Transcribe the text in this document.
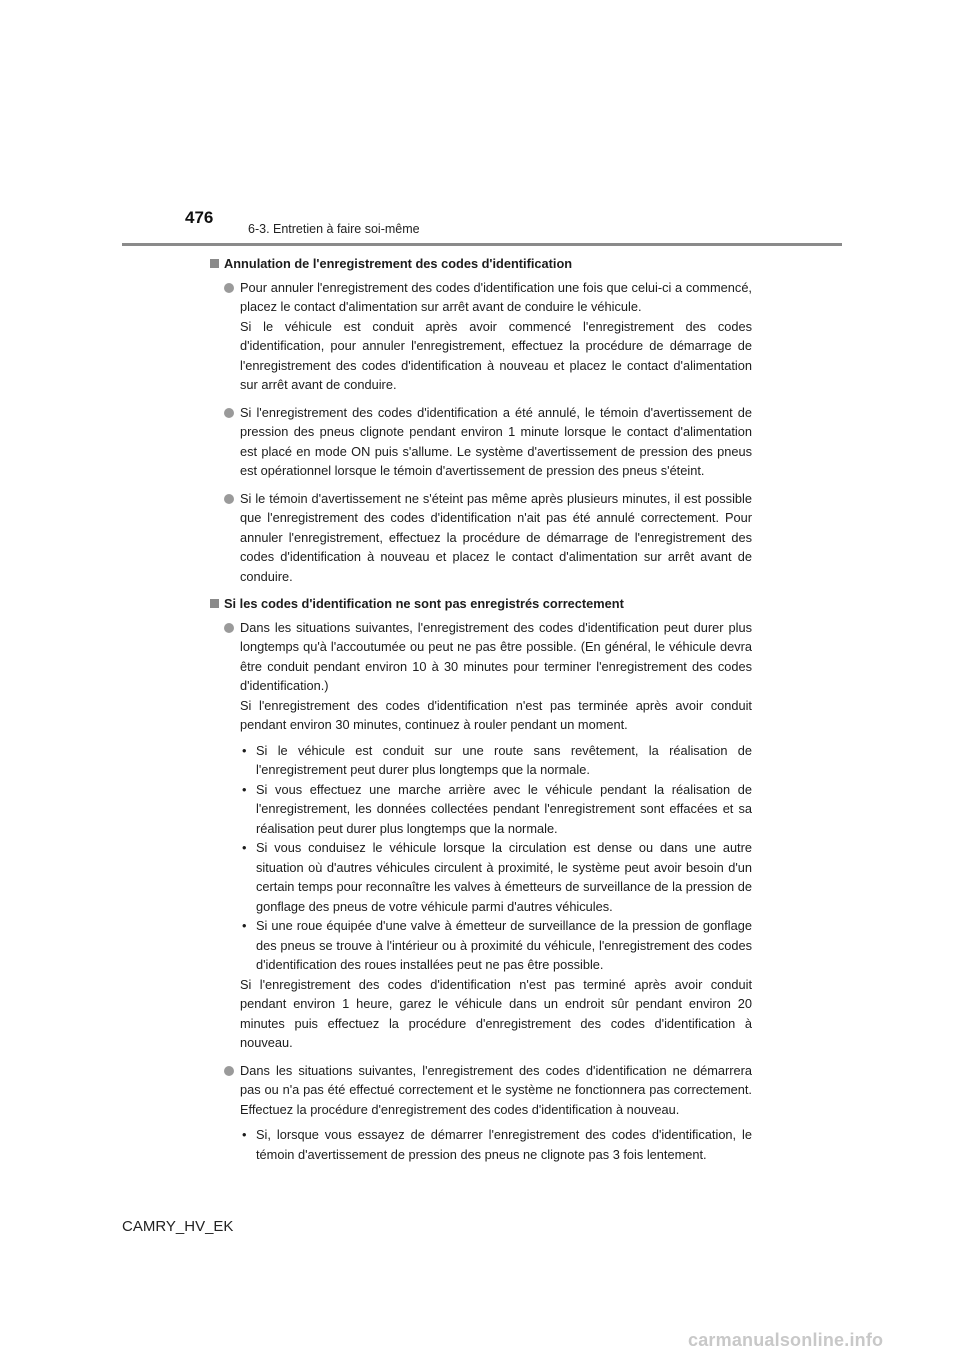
476
6-3. Entretien à faire soi-même
Annulation de l'enregistrement des codes d'identification

Pour annuler l'enregistrement des codes d'identification une fois que celui-ci a commencé, placez le contact d'alimentation sur arrêt avant de conduire le véhicule.

Si le véhicule est conduit après avoir commencé l'enregistrement des codes d'identification, pour annuler l'enregistrement, effectuez la procédure de démarrage de l'enregistrement des codes d'identification à nouveau et placez le contact d'alimentation sur arrêt avant de conduire.

Si l'enregistrement des codes d'identification a été annulé, le témoin d'avertissement de pression des pneus clignote pendant environ 1 minute lorsque le contact d'alimentation est placé en mode ON puis s'allume. Le système d'avertissement de pression des pneus est opérationnel lorsque le témoin d'avertissement de pression des pneus s'éteint.

Si le témoin d'avertissement ne s'éteint pas même après plusieurs minutes, il est possible que l'enregistrement des codes d'identification n'ait pas été annulé correctement. Pour annuler l'enregistrement, effectuez la procédure de démarrage de l'enregistrement des codes d'identification à nouveau et placez le contact d'alimentation sur arrêt avant de conduire.

Si les codes d'identification ne sont pas enregistrés correctement

Dans les situations suivantes, l'enregistrement des codes d'identification peut durer plus longtemps qu'à l'accoutumée ou peut ne pas être possible. (En général, le véhicule devra être conduit pendant environ 10 à 30 minutes pour terminer l'enregistrement des codes d'identification.)

Si l'enregistrement des codes d'identification n'est pas terminée après avoir conduit pendant environ 30 minutes, continuez à rouler pendant un moment.

• Si le véhicule est conduit sur une route sans revêtement, la réalisation de l'enregistrement peut durer plus longtemps que la normale.
• Si vous effectuez une marche arrière avec le véhicule pendant la réalisation de l'enregistrement, les données collectées pendant l'enregistrement sont effacées et sa réalisation peut durer plus longtemps que la normale.
• Si vous conduisez le véhicule lorsque la circulation est dense ou dans une autre situation où d'autres véhicules circulent à proximité, le système peut avoir besoin d'un certain temps pour reconnaître les valves à émetteurs de surveillance de la pression de gonflage des pneus de votre véhicule parmi d'autres véhicules.
• Si une roue équipée d'une valve à émetteur de surveillance de la pression de gonflage des pneus se trouve à l'intérieur ou à proximité du véhicule, l'enregistrement des codes d'identification des roues installées peut ne pas être possible.

Si l'enregistrement des codes d'identification n'est pas terminé après avoir conduit pendant environ 1 heure, garez le véhicule dans un endroit sûr pendant environ 20 minutes puis effectuez la procédure d'enregistrement des codes d'identification à nouveau.

Dans les situations suivantes, l'enregistrement des codes d'identification ne démarrera pas ou n'a pas été effectué correctement et le système ne fonctionnera pas correctement. Effectuez la procédure d'enregistrement des codes d'identification à nouveau.

• Si, lorsque vous essayez de démarrer l'enregistrement des codes d'identification, le témoin d'avertissement de pression des pneus ne clignote pas 3 fois lentement.
CAMRY_HV_EK
carmanualsonline.info
